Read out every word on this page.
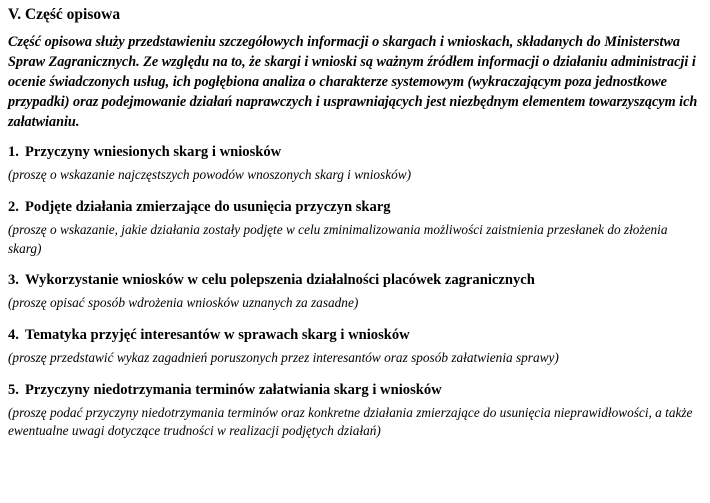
V. Część opisowa

Część opisowa służy przedstawieniu szczegółowych informacji o skargach i wnioskach, składanych do Ministerstwa Spraw Zagranicznych. Ze względu na to, że skargi i wnioski są ważnym źródłem informacji o działaniu administracji i ocenie świadczonych usług, ich pogłębiona analiza o charakterze systemowym (wykraczającym poza jednostkowe przypadki) oraz podejmowanie działań naprawczych i usprawniających jest niezbędnym elementem towarzyszącym ich załatwianiu.

1. Przyczyny wniesionych skarg i wniosków
(proszę o wskazanie najczęstszych powodów wnoszonych skarg i wniosków)
2. Podjęte działania zmierzające do usunięcia przyczyn skarg
(proszę o wskazanie, jakie działania zostały podjęte w celu zminimalizowania możliwości zaistnienia przesłanek do złożenia skarg)
3. Wykorzystanie wniosków w celu polepszenia działalności placówek zagranicznych
(proszę opisać sposób wdrożenia wniosków uznanych za zasadne)
4. Tematyka przyjęć interesantów w sprawach skarg i wniosków
(proszę przedstawić wykaz zagadnień poruszonych przez interesantów oraz sposób załatwienia sprawy)
5. Przyczyny niedotrzymania terminów załatwiania skarg i wniosków
(proszę podać przyczyny niedotrzymania terminów oraz konkretne działania zmierzające do usunięcia nieprawidłowości, a także ewentualne uwagi dotyczące trudności w realizacji podjętych działań)
